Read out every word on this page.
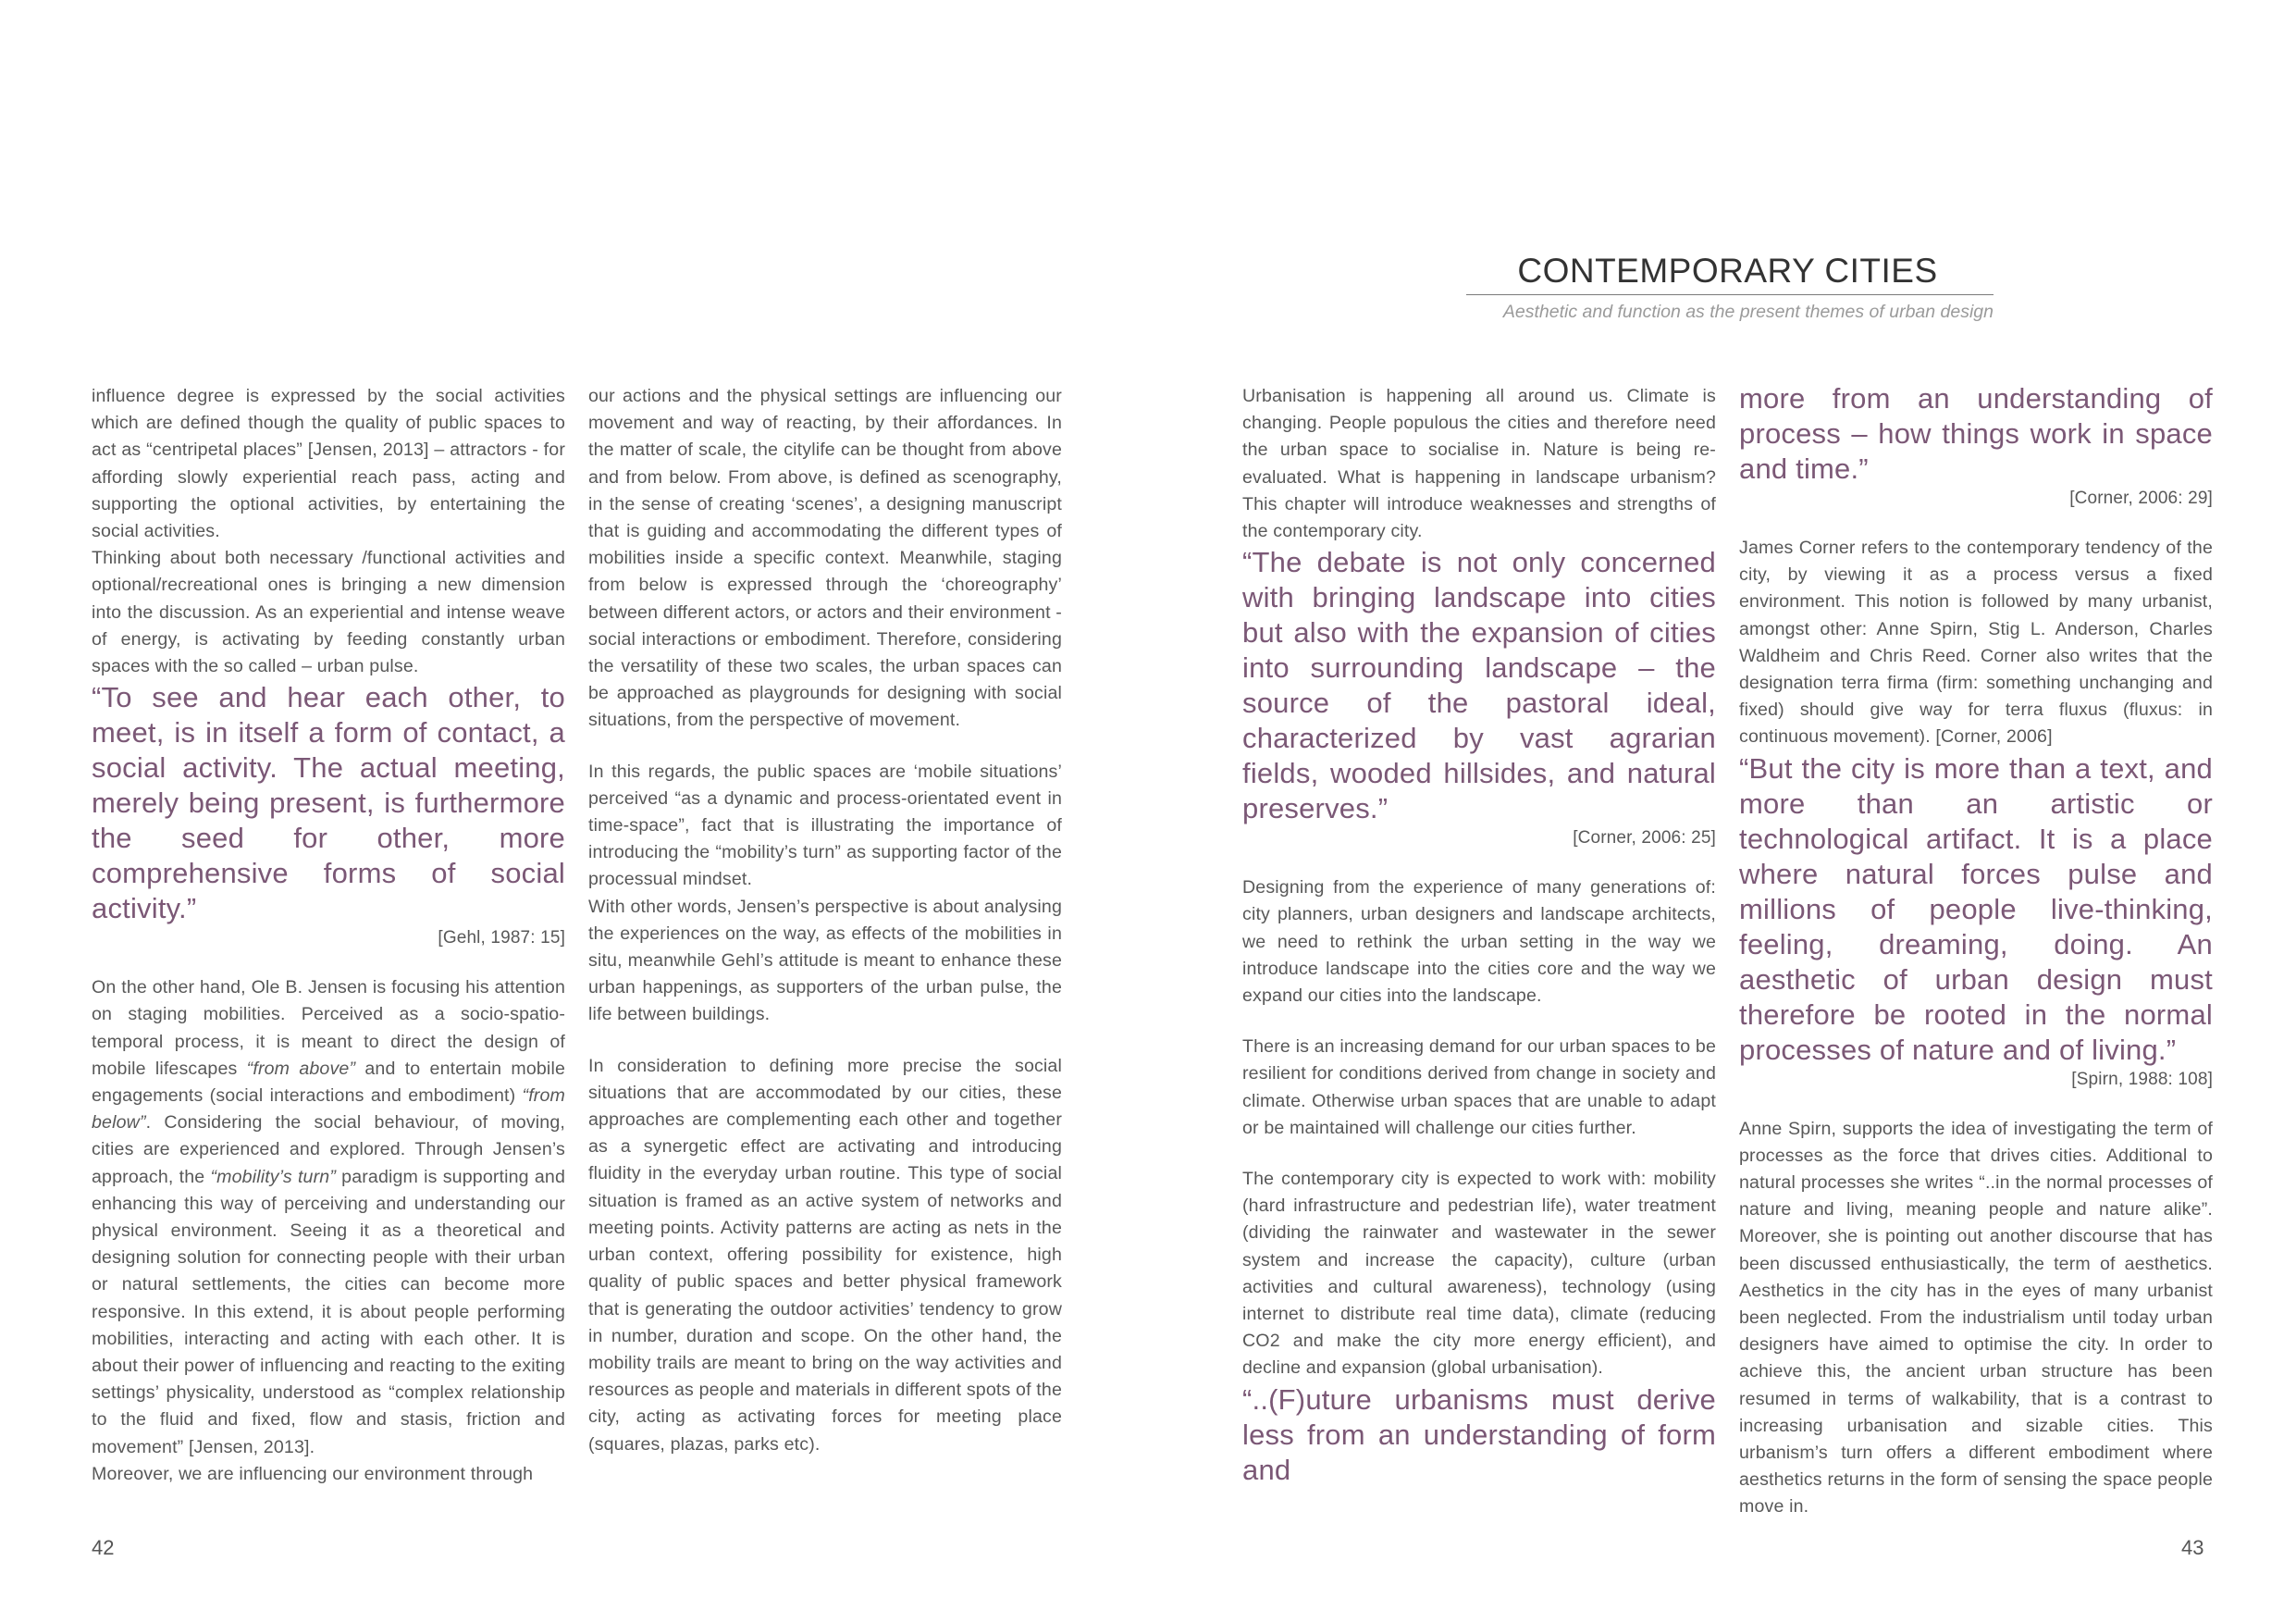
CONTEMPORARY CITIES

Aesthetic and function as the present themes of urban design

influence degree is expressed by the social activities which are defined though the quality of public spaces to act as “centripetal places” [Jensen, 2013] – attractors - for affording slowly experiential reach pass, acting and supporting the optional activities, by entertaining the social activities.

Thinking about both necessary /functional activities and optional/recreational ones is bringing a new dimension into the discussion. As an experiential and intense weave of energy, is activating by feeding constantly urban spaces with the so called – urban pulse.

“To see and hear each other, to meet, is in itself a form of contact, a social activity. The actual meeting, merely being present, is furthermore the seed for other, more comprehensive forms of social activity.”

[Gehl, 1987: 15]

On the other hand, Ole B. Jensen is focusing his attention on staging mobilities. Perceived as a socio-spatio-temporal process, it is meant to direct the design of mobile lifescapes “from above” and to entertain mobile engagements (social interactions and embodiment) “from below”. Considering the social behaviour, of moving, cities are experienced and explored. Through Jensen’s approach, the “mobility’s turn” paradigm is supporting and enhancing this way of perceiving and understanding our physical environment. Seeing it as a theoretical and designing solution for connecting people with their urban or natural settlements, the cities can become more responsive. In this extend, it is about people performing mobilities, interacting and acting with each other. It is about their power of influencing and reacting to the exiting settings’ physicality, understood as “complex relationship to the fluid and fixed, flow and stasis, friction and movement” [Jensen, 2013].

Moreover, we are influencing our environment through

our actions and the physical settings are influencing our movement and way of reacting, by their affordances. In the matter of scale, the citylife can be thought from above and from below. From above, is defined as scenography, in the sense of creating ‘scenes’, a designing manuscript that is guiding and accommodating the different types of mobilities inside a specific context. Meanwhile, staging from below is expressed through the ‘choreography’ between different actors, or actors and their environment - social interactions or embodiment. Therefore, considering the versatility of these two scales, the urban spaces can be approached as playgrounds for designing with social situations, from the perspective of movement.

In this regards, the public spaces are ‘mobile situations’ perceived “as a dynamic and process-orientated event in time-space”, fact that is illustrating the importance of introducing the “mobility’s turn” as supporting factor of the processual mindset.

With other words, Jensen’s perspective is about analysing the experiences on the way, as effects of the mobilities in situ, meanwhile Gehl’s attitude is meant to enhance these urban happenings, as supporters of the urban pulse, the life between buildings.

In consideration to defining more precise the social situations that are accommodated by our cities, these approaches are complementing each other and together as a synergetic effect are activating and introducing fluidity in the everyday urban routine. This type of social situation is framed as an active system of networks and meeting points. Activity patterns are acting as nets in the urban context, offering possibility for existence, high quality of public spaces and better physical framework that is generating the outdoor activities’ tendency to grow in number, duration and scope. On the other hand, the mobility trails are meant to bring on the way activities and resources as people and materials in different spots of the city, acting as activating forces for meeting place (squares, plazas, parks etc).

Urbanisation is happening all around us. Climate is changing. People populous the cities and therefore need the urban space to socialise in. Nature is being re-evaluated. What is happening in landscape urbanism? This chapter will introduce weaknesses and strengths of the contemporary city.

“The debate is not only concerned with bringing landscape into cities but also with the expansion of cities into surrounding landscape – the source of the pastoral ideal, characterized by vast agrarian fields, wooded hillsides, and natural preserves.”

[Corner, 2006: 25]

Designing from the experience of many generations of: city planners, urban designers and landscape architects, we need to rethink the urban setting in the way we introduce landscape into the cities core and the way we expand our cities into the landscape.

There is an increasing demand for our urban spaces to be resilient for conditions derived from change in society and climate. Otherwise urban spaces that are unable to adapt or be maintained will challenge our cities further.

The contemporary city is expected to work with: mobility (hard infrastructure and pedestrian life), water treatment (dividing the rainwater and wastewater in the sewer system and increase the capacity), culture (urban activities and cultural awareness), technology (using internet to distribute real time data), climate (reducing CO2 and make the city more energy efficient), and decline and expansion (global urbanisation).

“..(F)uture urbanisms must derive less from an understanding of form and

more from an understanding of process – how things work in space and time.”

[Corner, 2006: 29]

James Corner refers to the contemporary tendency of the city, by viewing it as a process versus a fixed environment. This notion is followed by many urbanist, amongst other: Anne Spirn, Stig L. Anderson, Charles Waldheim and Chris Reed. Corner also writes that the designation terra firma (firm: something unchanging and fixed) should give way for terra fluxus (fluxus: in continuous movement). [Corner, 2006]

“But the city is more than a text, and more than an artistic or technological artifact. It is a place where natural forces pulse and millions of people live-thinking, feeling, dreaming, doing. An aesthetic of urban design must therefore be rooted in the normal processes of nature and of living.”

[Spirn, 1988: 108]

Anne Spirn, supports the idea of investigating the term of processes as the force that drives cities. Additional to natural processes she writes “..in the normal processes of nature and living, meaning people and nature alike”. Moreover, she is pointing out another discourse that has been discussed enthusiastically, the term of aesthetics. Aesthetics in the city has in the eyes of many urbanist been neglected. From the industrialism until today urban designers have aimed to optimise the city. In order to achieve this, the ancient urban structure has been resumed in terms of walkability, that is a contrast to increasing urbanisation and sizable cities. This urbanism’s turn offers a different embodiment where aesthetics returns in the form of sensing the space people move in.

42	43
